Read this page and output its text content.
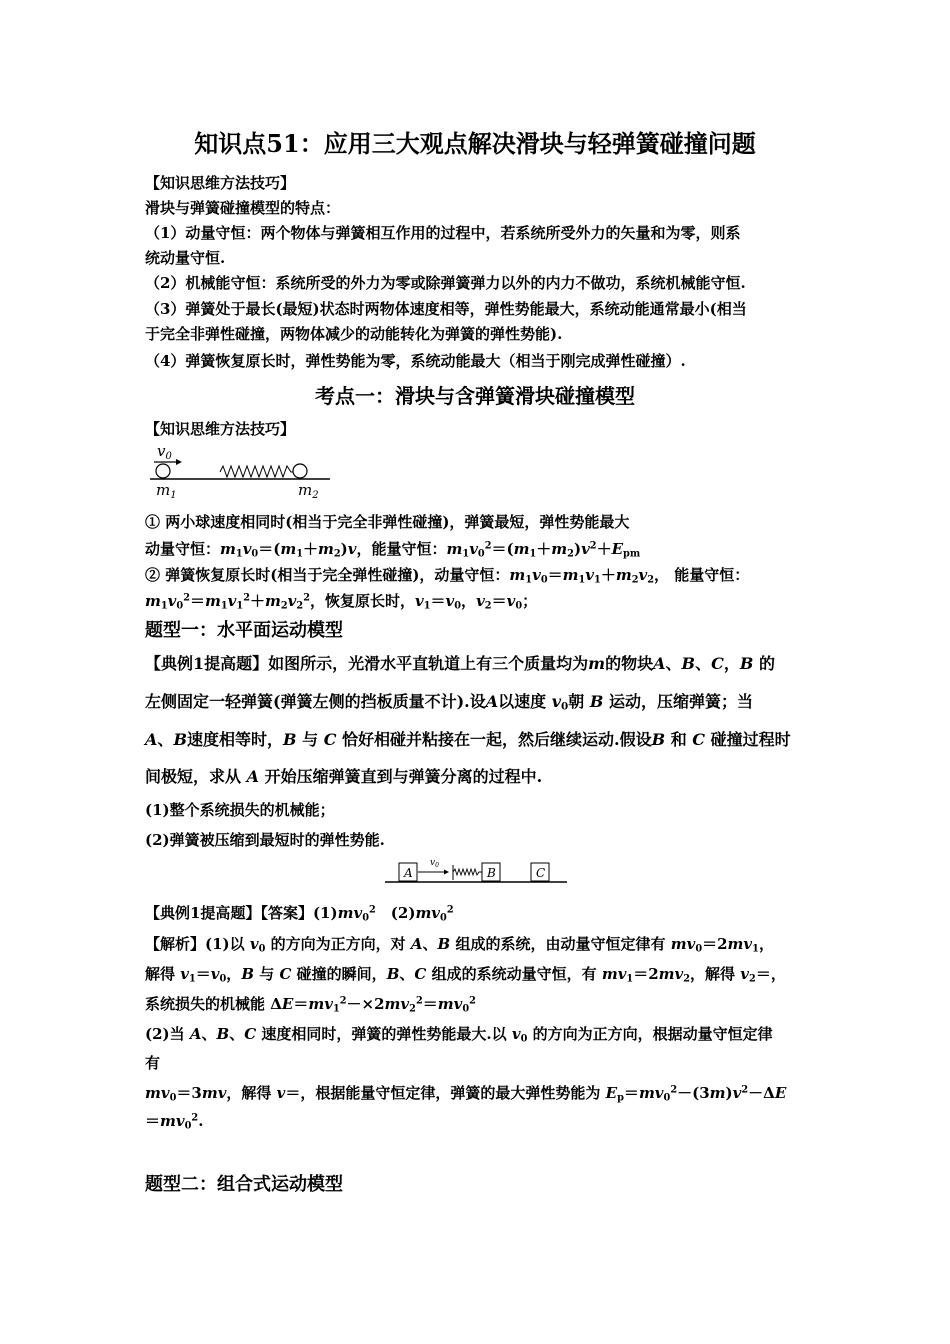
知识点51：应用三大观点解决滑块与轻弹簧碰撞问题
【知识思维方法技巧】
滑块与弹簧碰撞模型的特点：
（1）动量守恒：两个物体与弹簧相互作用的过程中，若系统所受外力的矢量和为零，则系
统动量守恒.
（2）机械能守恒：系统所受的外力为零或除弹簧弹力以外的内力不做功，系统机械能守恒.
（3）弹簧处于最长(最短)状态时两物体速度相等，弹性势能最大，系统动能通常最小(相当
于完全非弹性碰撞，两物体减少的动能转化为弹簧的弹性势能).
（4）弹簧恢复原长时，弹性势能为零，系统动能最大（相当于刚完成弹性碰撞）.
考点一：滑块与含弹簧滑块碰撞模型
【知识思维方法技巧】
$v_0$
$m_1$	$m_2$
① 两小球速度相同时(相当于完全非弹性碰撞)，弹簧最短，弹性势能最大
动量守恒：$m_1v_0=(m_1+m_2)v$，能量守恒：$m_1v_0^2=(m_1+m_2)v^2+E_{pm}$
② 弹簧恢复原长时(相当于完全弹性碰撞)，动量守恒：$m_1v_0=m_1v_1+m_2v_2$， 能量守恒：
$m_1v_0^2=m_1v_1^2+m_2v_2^2$，恢复原长时，$v_1=v_0$，$v_2=v_0$；
题型一：水平面运动模型
【典例1提高题】如图所示，光滑水平直轨道上有三个质量均为m的物块A、B、C，B 的
左侧固定一轻弹簧(弹簧左侧的挡板质量不计).设A以速度 $v_0$朝 B 运动，压缩弹簧；当
A、B速度相等时，B 与 C 恰好相碰并粘接在一起，然后继续运动.假设B 和 C 碰撞过程时
间极短，求从 A 开始压缩弹簧直到与弹簧分离的过程中.
(1)整个系统损失的机械能；
(2)弹簧被压缩到最短时的弹性势能.
A
$v_0$
B	C
【典例1提高题】【答案】$(1)mv_0^2$　 $(2)mv_0^2$
【解析】(1)以 $v_0$ 的方向为正方向，对 A、B 组成的系统，由动量守恒定律有 $mv_0=2mv_1$，
解得 $v_1=v_0$，B 与 C 碰撞的瞬间，B、C 组成的系统动量守恒，有 $mv_1=2mv_2$，解得 $v_2=$，
系统损失的机械能 $\Delta E=mv_1^2-\times 2mv_2^2=mv_0^2$
(2)当 A、B、C 速度相同时，弹簧的弹性势能最大.以 $v_0$ 的方向为正方向，根据动量守恒定律
有
$mv_0=3mv$，解得 v＝，根据能量守恒定律，弹簧的最大弹性势能为 $E_p=mv_0^2-(3m)v^2-\Delta E$
$=mv_0^2$.
题型二：组合式运动模型
